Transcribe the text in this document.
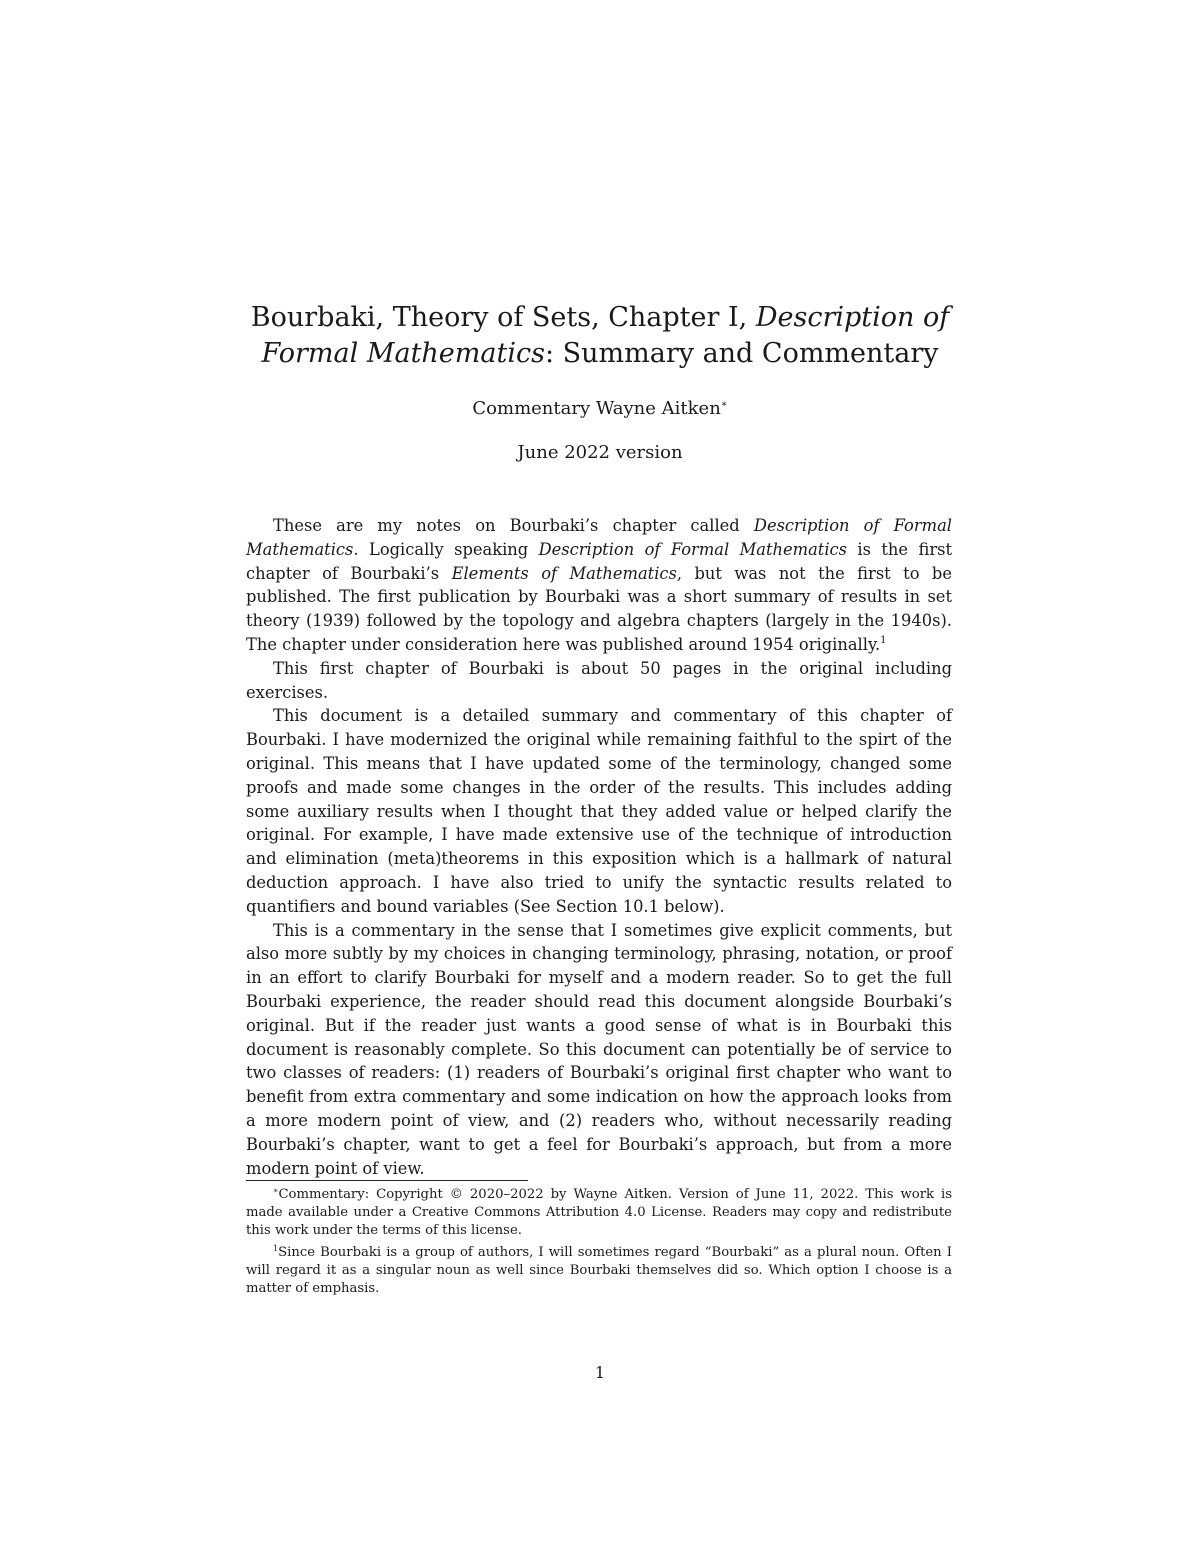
Bourbaki, Theory of Sets, Chapter I, Description of
Formal Mathematics: Summary and Commentary
Commentary Wayne Aitken∗
June 2022 version

These are my notes on Bourbaki’s chapter called Description of Formal Mathematics. Logically speaking Description of Formal Mathematics is the first chapter of Bourbaki’s Elements of Mathematics, but was not the first to be published. The first publication by Bourbaki was a short summary of results in set theory (1939) followed by the topology and algebra chapters (largely in the 1940s). The chapter under consideration here was published around 1954 originally.$^1$

This first chapter of Bourbaki is about 50 pages in the original including exercises.

This document is a detailed summary and commentary of this chapter of Bourbaki. I have modernized the original while remaining faithful to the spirt of the original. This means that I have updated some of the terminology, changed some proofs and made some changes in the order of the results. This includes adding some auxiliary results when I thought that they added value or helped clarify the original. For example, I have made extensive use of the technique of introduction and elimination (meta)theorems in this exposition which is a hallmark of natural deduction approach. I have also tried to unify the syntactic results related to quantifiers and bound variables (See Section 10.1 below).

This is a commentary in the sense that I sometimes give explicit comments, but also more subtly by my choices in changing terminology, phrasing, notation, or proof in an effort to clarify Bourbaki for myself and a modern reader. So to get the full Bourbaki experience, the reader should read this document alongside Bourbaki’s original. But if the reader just wants a good sense of what is in Bourbaki this document is reasonably complete. So this document can potentially be of service to two classes of readers: (1) readers of Bourbaki’s original first chapter who want to benefit from extra commentary and some indication on how the approach looks from a more modern point of view, and (2) readers who, without necessarily reading Bourbaki’s chapter, want to get a feel for Bourbaki’s approach, but from a more modern point of view.

∗Commentary: Copyright © 2020–2022 by Wayne Aitken. Version of June 11, 2022. This work is made available under a Creative Commons Attribution 4.0 License. Readers may copy and redistribute this work under the terms of this license.

$^1$Since Bourbaki is a group of authors, I will sometimes regard “Bourbaki” as a plural noun. Often I will regard it as a singular noun as well since Bourbaki themselves did so. Which option I choose is a matter of emphasis.

1
